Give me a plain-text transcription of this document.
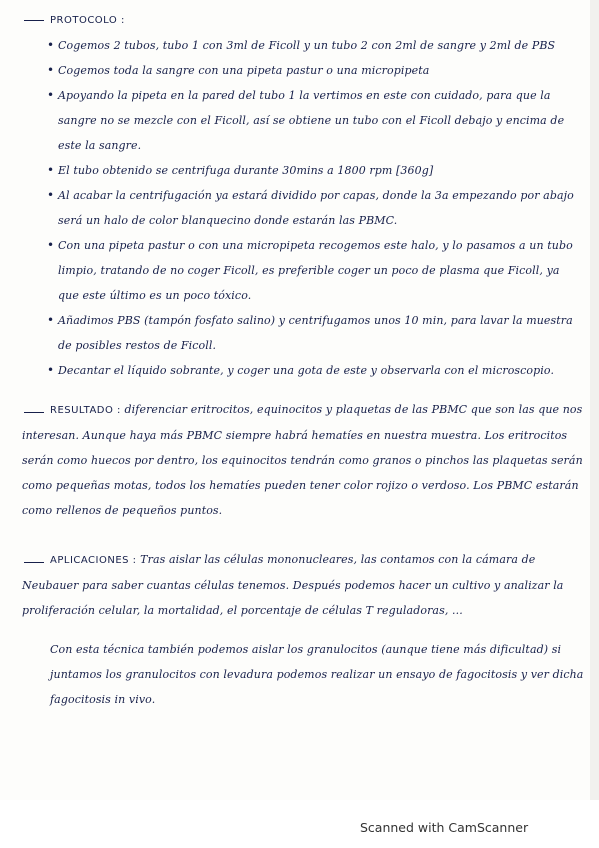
PROTOCOLO :
• Cogemos 2 tubos, tubo 1 con 3ml de Ficoll y un tubo 2 con 2ml de sangre y 2ml de PBS
• Cogemos toda la sangre con una pipeta pastur o una micropipeta
• Apoyando la pipeta en la pared del tubo 1 la vertimos en este con cuidado, para que la sangre no se mezcle con el Ficoll, así se obtiene un tubo con el Ficoll debajo y encima de este la sangre.
• El tubo obtenido se centrifuga durante 30mins a 1800 rpm [360g]
• Al acabar la centrifugación ya estará dividido por capas, donde la 3a empezando por abajo será un halo de color blanquecino donde estarán las PBMC.
• Con una pipeta pastur o con una micropipeta recogemos este halo, y lo pasamos a un tubo limpio, tratando de no coger Ficoll, es preferible coger un poco de plasma que Ficoll, ya que este último es un poco tóxico.
• Añadimos PBS (tampón fosfato salino) y centrifugamos unos 10 min, para lavar la muestra de posibles restos de Ficoll.
• Decantar el líquido sobrante, y coger una gota de este y observarla con el microscopio.

RESULTADO : diferenciar eritrocitos, equinocitos y plaquetas de las PBMC que son las que nos interesan. Aunque haya más PBMC siempre habrá hematíes en nuestra muestra. Los eritrocitos serán como huecos por dentro, los equinocitos tendrán como granos o pinchos las plaquetas serán como pequeñas motas, todos los hematíes pueden tener color rojizo o verdoso. Los PBMC estarán como rellenos de pequeños puntos.

APLICACIONES : Tras aislar las células mononucleares, las contamos con la cámara de Neubauer para saber cuantas células tenemos. Después podemos hacer un cultivo y analizar la proliferación celular, la mortalidad, el porcentaje de células T reguladoras, ...

Con esta técnica también podemos aislar los granulocitos (aunque tiene más dificultad) si juntamos los granulocitos con levadura podemos realizar un ensayo de fagocitosis y ver dicha fagocitosis in vivo.

Scanned with CamScanner
